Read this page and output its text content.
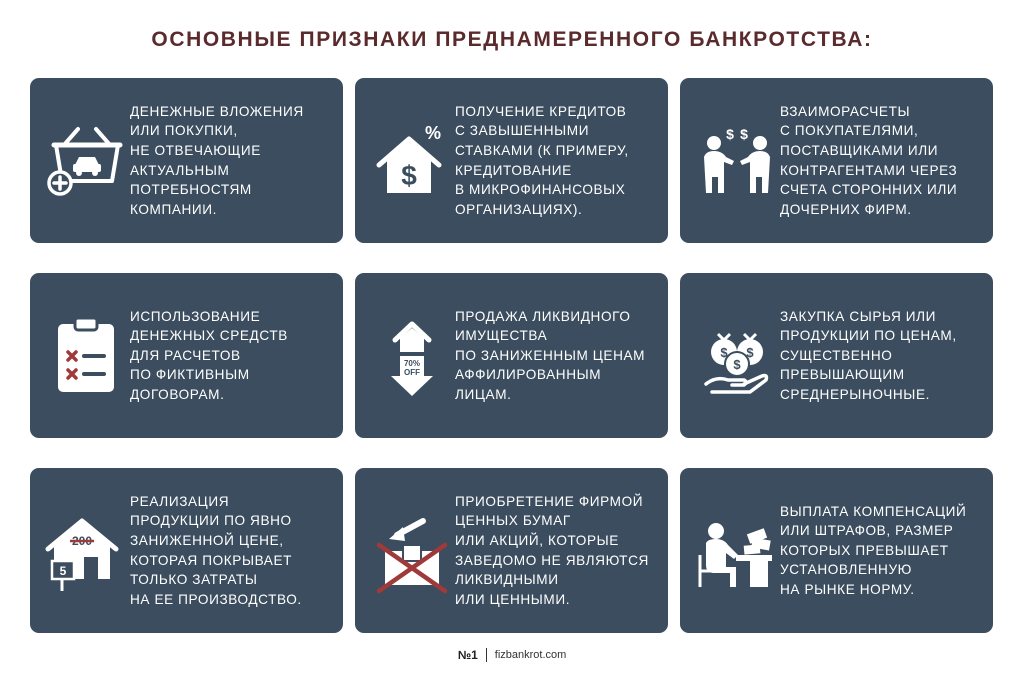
ОСНОВНЫЕ ПРИЗНАКИ ПРЕДНАМЕРЕННОГО БАНКРОТСТВА:
ДЕНЕЖНЫЕ ВЛОЖЕНИЯ
ИЛИ ПОКУПКИ,
НЕ ОТВЕЧАЮЩИЕ
АКТУАЛЬНЫМ
ПОТРЕБНОСТЯМ
КОМПАНИИ.
$
%
ПОЛУЧЕНИЕ КРЕДИТОВ
С ЗАВЫШЕННЫМИ
СТАВКАМИ (К ПРИМЕРУ,
КРЕДИТОВАНИЕ
В МИКРОФИНАНСОВЫХ
ОРГАНИЗАЦИЯХ).
$ $
ВЗАИМОРАСЧЕТЫ
С ПОКУПАТЕЛЯМИ,
ПОСТАВЩИКАМИ ИЛИ
КОНТРАГЕНТАМИ ЧЕРЕЗ
СЧЕТА СТОРОННИХ ИЛИ
ДОЧЕРНИХ ФИРМ.
ИСПОЛЬЗОВАНИЕ
ДЕНЕЖНЫХ СРЕДСТВ
ДЛЯ РАСЧЕТОВ
ПО ФИКТИВНЫМ
ДОГОВОРАМ.
70%
OFF
ПРОДАЖА ЛИКВИДНОГО
ИМУЩЕСТВА
ПО ЗАНИЖЕННЫМ ЦЕНАМ
АФФИЛИРОВАННЫМ
ЛИЦАМ.
$ $
$
ЗАКУПКА СЫРЬЯ ИЛИ
ПРОДУКЦИИ ПО ЦЕНАМ,
СУЩЕСТВЕННО
ПРЕВЫШАЮЩИМ
СРЕДНЕРЫНОЧНЫЕ.
200
5
РЕАЛИЗАЦИЯ
ПРОДУКЦИИ ПО ЯВНО
ЗАНИЖЕННОЙ ЦЕНЕ,
КОТОРАЯ ПОКРЫВАЕТ
ТОЛЬКО ЗАТРАТЫ
НА ЕЕ ПРОИЗВОДСТВО.
ПРИОБРЕТЕНИЕ ФИРМОЙ
ЦЕННЫХ БУМАГ
ИЛИ АКЦИЙ, КОТОРЫЕ
ЗАВЕДОМО НЕ ЯВЛЯЮТСЯ
ЛИКВИДНЫМИ
ИЛИ ЦЕННЫМИ.
ВЫПЛАТА КОМПЕНСАЦИЙ
ИЛИ ШТРАФОВ, РАЗМЕР
КОТОРЫХ ПРЕВЫШАЕТ
УСТАНОВЛЕННУЮ
НА РЫНКЕ НОРМУ.
№1 fizbankrot.com
